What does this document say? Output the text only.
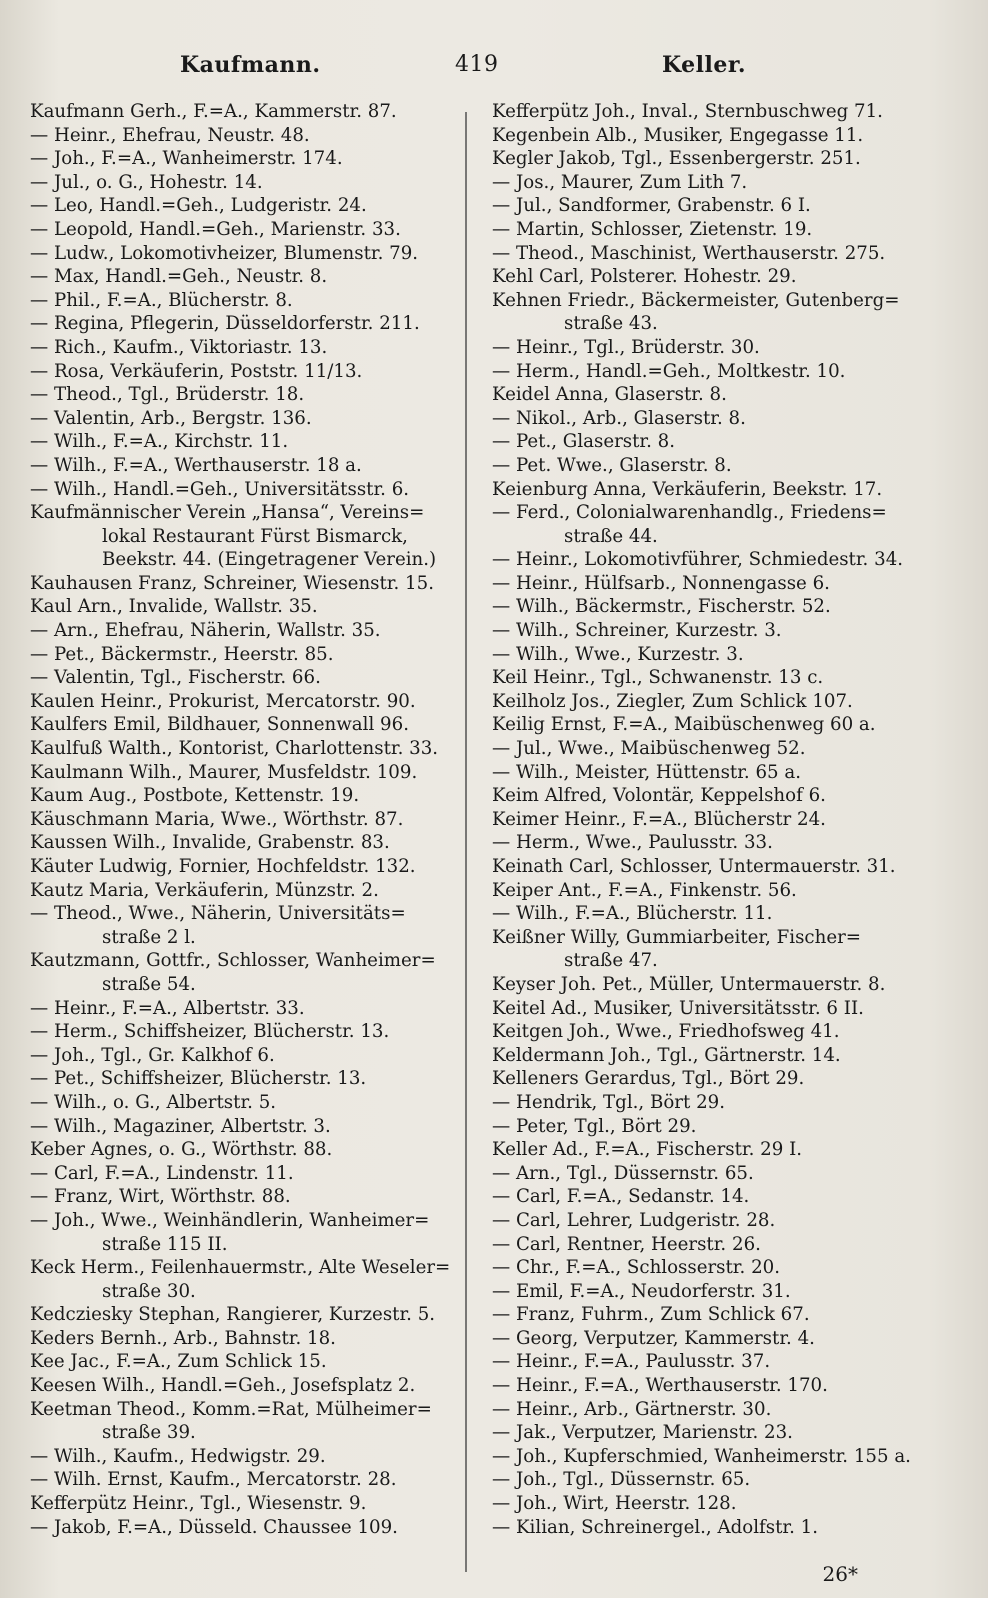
Kaufmann.	419	Keller.
Kaufmann Gerh., F.=A., Kammerstr. 87.
— Heinr., Ehefrau, Neustr. 48.
— Joh., F.=A., Wanheimerstr. 174.
— Jul., o. G., Hohestr. 14.
— Leo, Handl.=Geh., Ludgeristr. 24.
— Leopold, Handl.=Geh., Marienstr. 33.
— Ludw., Lokomotivheizer, Blumenstr. 79.
— Max, Handl.=Geh., Neustr. 8.
— Phil., F.=A., Blücherstr. 8.
— Regina, Pflegerin, Düsseldorferstr. 211.
— Rich., Kaufm., Viktoriastr. 13.
— Rosa, Verkäuferin, Poststr. 11/13.
— Theod., Tgl., Brüderstr. 18.
— Valentin, Arb., Bergstr. 136.
— Wilh., F.=A., Kirchstr. 11.
— Wilh., F.=A., Werthauserstr. 18 a.
— Wilh., Handl.=Geh., Universitätsstr. 6.
Kaufmännischer Verein „Hansa“, Vereins=
lokal Restaurant Fürst Bismarck,
Beekstr. 44. (Eingetragener Verein.)
Kauhausen Franz, Schreiner, Wiesenstr. 15.
Kaul Arn., Invalide, Wallstr. 35.
— Arn., Ehefrau, Näherin, Wallstr. 35.
— Pet., Bäckermstr., Heerstr. 85.
— Valentin, Tgl., Fischerstr. 66.
Kaulen Heinr., Prokurist, Mercatorstr. 90.
Kaulfers Emil, Bildhauer, Sonnenwall 96.
Kaulfuß Walth., Kontorist, Charlottenstr. 33.
Kaulmann Wilh., Maurer, Musfeldstr. 109.
Kaum Aug., Postbote, Kettenstr. 19.
Käuschmann Maria, Wwe., Wörthstr. 87.
Kaussen Wilh., Invalide, Grabenstr. 83.
Käuter Ludwig, Fornier, Hochfeldstr. 132.
Kautz Maria, Verkäuferin, Münzstr. 2.
— Theod., Wwe., Näherin, Universitäts=
straße 2 l.
Kautzmann, Gottfr., Schlosser, Wanheimer=
straße 54.
— Heinr., F.=A., Albertstr. 33.
— Herm., Schiffsheizer, Blücherstr. 13.
— Joh., Tgl., Gr. Kalkhof 6.
— Pet., Schiffsheizer, Blücherstr. 13.
— Wilh., o. G., Albertstr. 5.
— Wilh., Magaziner, Albertstr. 3.
Keber Agnes, o. G., Wörthstr. 88.
— Carl, F.=A., Lindenstr. 11.
— Franz, Wirt, Wörthstr. 88.
— Joh., Wwe., Weinhändlerin, Wanheimer=
straße 115 II.
Keck Herm., Feilenhauermstr., Alte Weseler=
straße 30.
Kedcziesky Stephan, Rangierer, Kurzestr. 5.
Keders Bernh., Arb., Bahnstr. 18.
Kee Jac., F.=A., Zum Schlick 15.
Keesen Wilh., Handl.=Geh., Josefsplatz 2.
Keetman Theod., Komm.=Rat, Mülheimer=
straße 39.
— Wilh., Kaufm., Hedwigstr. 29.
— Wilh. Ernst, Kaufm., Mercatorstr. 28.
Kefferpütz Heinr., Tgl., Wiesenstr. 9.
— Jakob, F.=A., Düsseld. Chaussee 109.
Kefferpütz Joh., Inval., Sternbuschweg 71.
Kegenbein Alb., Musiker, Engegasse 11.
Kegler Jakob, Tgl., Essenbergerstr. 251.
— Jos., Maurer, Zum Lith 7.
— Jul., Sandformer, Grabenstr. 6 I.
— Martin, Schlosser, Zietenstr. 19.
— Theod., Maschinist, Werthauserstr. 275.
Kehl Carl, Polsterer. Hohestr. 29.
Kehnen Friedr., Bäckermeister, Gutenberg=
straße 43.
— Heinr., Tgl., Brüderstr. 30.
— Herm., Handl.=Geh., Moltkestr. 10.
Keidel Anna, Glaserstr. 8.
— Nikol., Arb., Glaserstr. 8.
— Pet., Glaserstr. 8.
— Pet. Wwe., Glaserstr. 8.
Keienburg Anna, Verkäuferin, Beekstr. 17.
— Ferd., Colonialwarenhandlg., Friedens=
straße 44.
— Heinr., Lokomotivführer, Schmiedestr. 34.
— Heinr., Hülfsarb., Nonnengasse 6.
— Wilh., Bäckermstr., Fischerstr. 52.
— Wilh., Schreiner, Kurzestr. 3.
— Wilh., Wwe., Kurzestr. 3.
Keil Heinr., Tgl., Schwanenstr. 13 c.
Keilholz Jos., Ziegler, Zum Schlick 107.
Keilig Ernst, F.=A., Maibüschenweg 60 a.
— Jul., Wwe., Maibüschenweg 52.
— Wilh., Meister, Hüttenstr. 65 a.
Keim Alfred, Volontär, Keppelshof 6.
Keimer Heinr., F.=A., Blücherstr 24.
— Herm., Wwe., Paulusstr. 33.
Keinath Carl, Schlosser, Untermauerstr. 31.
Keiper Ant., F.=A., Finkenstr. 56.
— Wilh., F.=A., Blücherstr. 11.
Keißner Willy, Gummiarbeiter, Fischer=
straße 47.
Keyser Joh. Pet., Müller, Untermauerstr. 8.
Keitel Ad., Musiker, Universitätsstr. 6 II.
Keitgen Joh., Wwe., Friedhofsweg 41.
Keldermann Joh., Tgl., Gärtnerstr. 14.
Kelleners Gerardus, Tgl., Bört 29.
— Hendrik, Tgl., Bört 29.
— Peter, Tgl., Bört 29.
Keller Ad., F.=A., Fischerstr. 29 I.
— Arn., Tgl., Düssernstr. 65.
— Carl, F.=A., Sedanstr. 14.
— Carl, Lehrer, Ludgeristr. 28.
— Carl, Rentner, Heerstr. 26.
— Chr., F.=A., Schlosserstr. 20.
— Emil, F.=A., Neudorferstr. 31.
— Franz, Fuhrm., Zum Schlick 67.
— Georg, Verputzer, Kammerstr. 4.
— Heinr., F.=A., Paulusstr. 37.
— Heinr., F.=A., Werthauserstr. 170.
— Heinr., Arb., Gärtnerstr. 30.
— Jak., Verputzer, Marienstr. 23.
— Joh., Kupferschmied, Wanheimerstr. 155 a.
— Joh., Tgl., Düssernstr. 65.
— Joh., Wirt, Heerstr. 128.
— Kilian, Schreinergel., Adolfstr. 1.
26*
